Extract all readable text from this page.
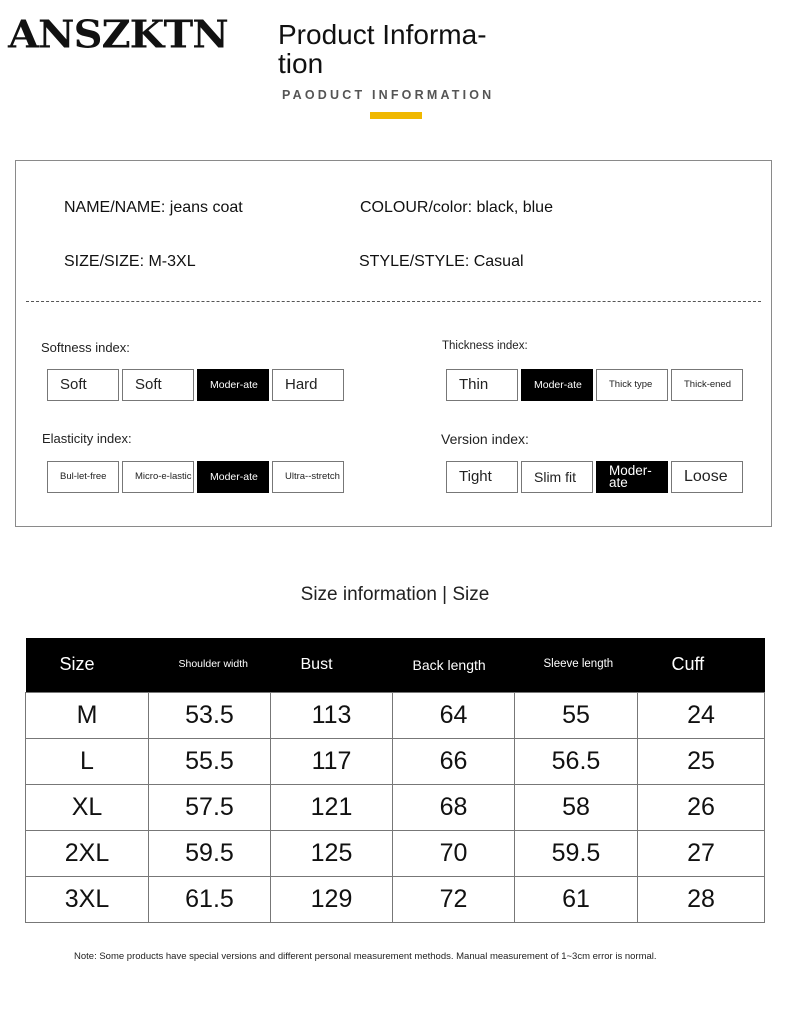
ANSZKTN	Product Informa-tion
PAODUCT INFORMATION
NAME/NAME: jeans coat	COLOUR/color: black, blue
SIZE/SIZE: M-3XL	STYLE/STYLE: Casual
Softness index:
Soft	Soft	Moder-ate	Hard
Thickness index:
Thin	Moder-ate	Thick type	Thick-ened
Elasticity index:
Bul-let-free	Micro-e-lastic	Moder-ate	Ultra--stretch
Version index:
Tight	Slim fit	Moder-ate	Loose
Size information | Size
Size	Shoulder width	Bust	Back length	Sleeve length	Cuff
M	53.5	113	64	55	24
L	55.5	117	66	56.5	25
XL	57.5	121	68	58	26
2XL	59.5	125	70	59.5	27
3XL	61.5	129	72	61	28
Note: Some products have special versions and different personal measurement methods. Manual measurement of 1~3cm error is normal.
